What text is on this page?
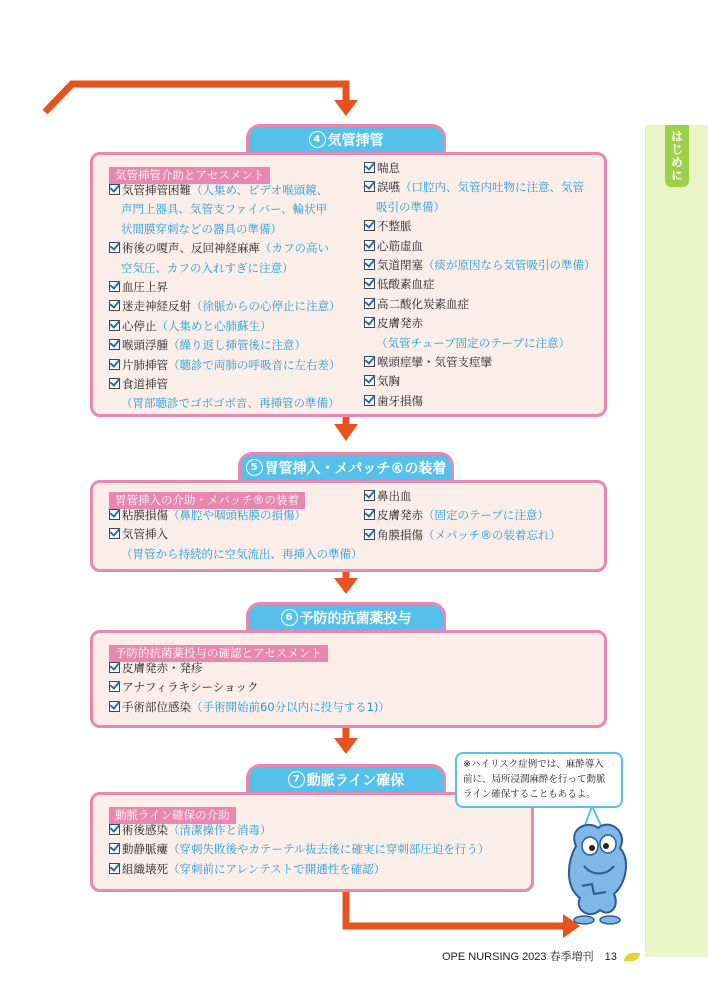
はじめに
4 気管挿管
気管挿管介助とアセスメント
気管挿管困難（人集め、ビデオ喉頭鏡、
声門上器具、気管支ファイバー、輪状甲
状間膜穿刺などの器具の準備）
術後の嗄声、反回神経麻痺（カフの高い
空気圧、カフの入れすぎに注意）
血圧上昇
迷走神経反射（徐脈からの心停止に注意）
心停止（人集めと心肺蘇生）
喉頭浮腫（繰り返し挿管後に注意）
片肺挿管（聴診で両肺の呼吸音に左右差）
食道挿管
（胃部聴診でゴボゴボ音、再挿管の準備）
喘息
誤嚥（口腔内、気管内吐物に注意、気管
吸引の準備）
不整脈
心筋虚血
気道閉塞（痰が原因なら気管吸引の準備）
低酸素血症
高二酸化炭素血症
皮膚発赤
（気管チューブ固定のテープに注意）
喉頭痙攣・気管支痙攣
気胸
歯牙損傷
5 胃管挿入・メパッチ®の装着
胃管挿入の介助・メパッチ®の装着
粘膜損傷（鼻腔や咽頭粘膜の損傷）
気管挿入
（胃管から持続的に空気流出、再挿入の準備）
鼻出血
皮膚発赤（固定のテープに注意）
角膜損傷（メパッチ®の装着忘れ）
6 予防的抗菌薬投与
予防的抗菌薬投与の確認とアセスメント
皮膚発赤・発疹
アナフィラキシーショック
手術部位感染（手術開始前60分以内に投与する1)）
7 動脈ライン確保
動脈ライン確保の介助
術後感染（清潔操作と消毒）
動静脈瘻（穿刺失敗後やカテーテル抜去後に確実に穿刺部圧迫を行う）
組織壊死（穿刺前にアレンテストで開通性を確認）
※ハイリスク症例では、麻酔導入
前に、局所浸潤麻酔を行って動脈
ライン確保することもあるよ。
OPE NURSING 2023 春季増刊　13
